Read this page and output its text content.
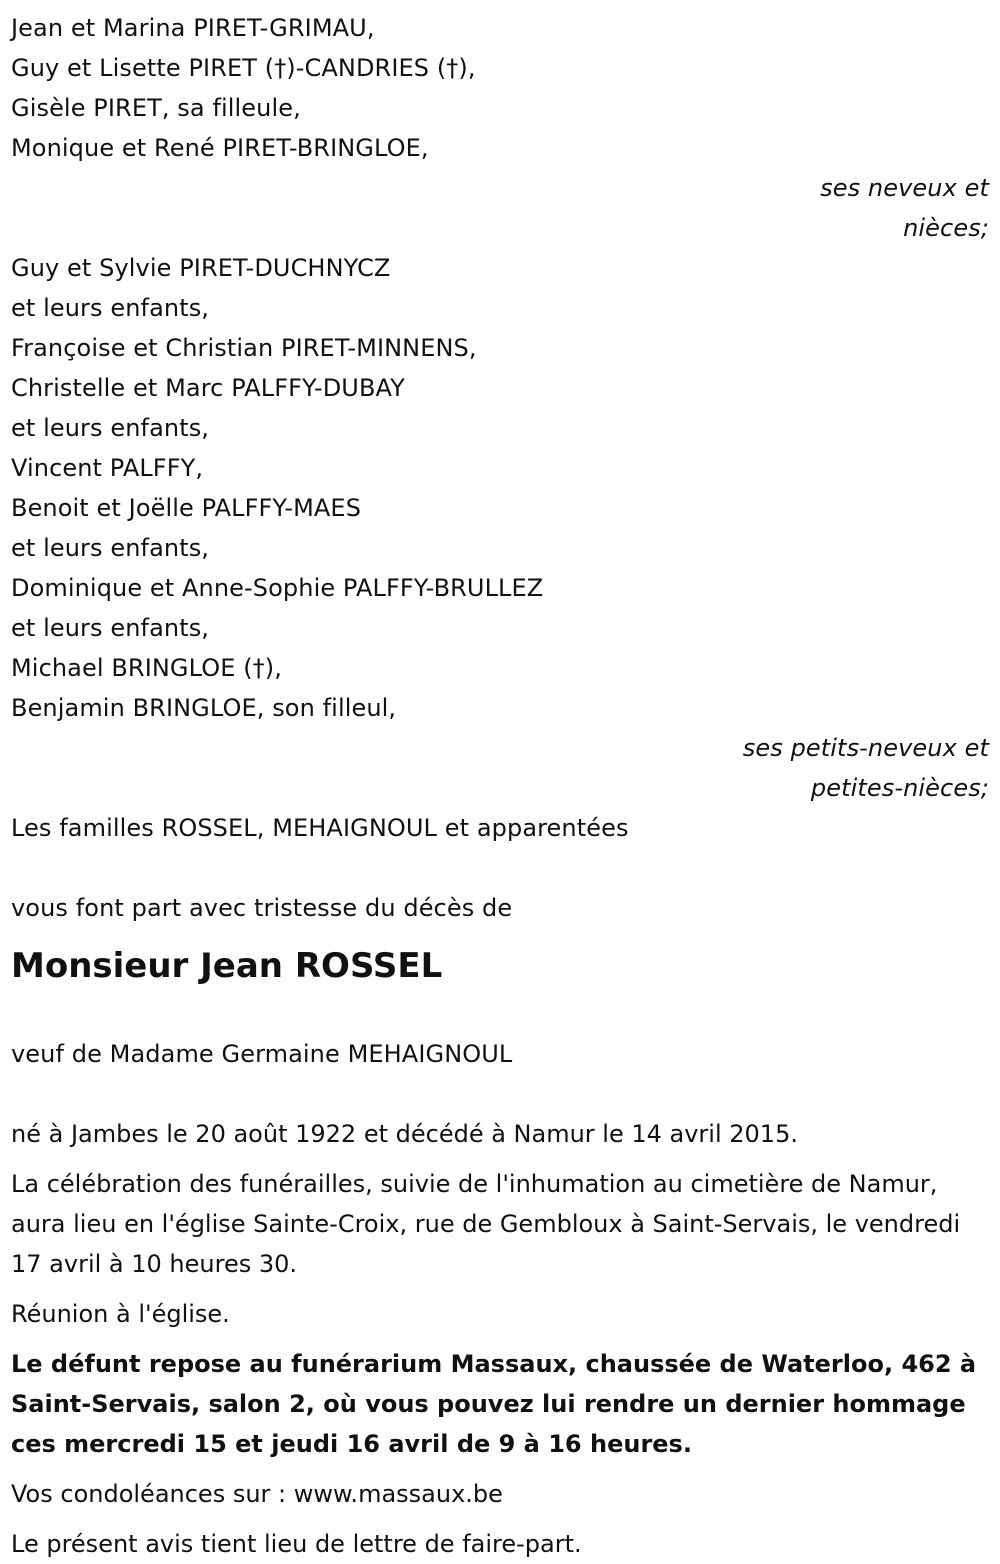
Jean et Marina PIRET-GRIMAU,
Guy et Lisette PIRET (†)-CANDRIES (†),
Gisèle PIRET, sa filleule,
Monique et René PIRET-BRINGLOE,
ses neveux et
nièces;
Guy et Sylvie PIRET-DUCHNYCZ
et leurs enfants,
Françoise et Christian PIRET-MINNENS,
Christelle et Marc PALFFY-DUBAY
et leurs enfants,
Vincent PALFFY,
Benoit et Joëlle PALFFY-MAES
et leurs enfants,
Dominique et Anne-Sophie PALFFY-BRULLEZ
et leurs enfants,
Michael BRINGLOE (†),
Benjamin BRINGLOE, son filleul,
ses petits-neveux et
petites-nièces;
Les familles ROSSEL, MEHAIGNOUL et apparentées
vous font part avec tristesse du décès de
Monsieur Jean ROSSEL
veuf de Madame Germaine MEHAIGNOUL

né à Jambes le 20 août 1922 et décédé à Namur le 14 avril 2015.

La célébration des funérailles, suivie de l'inhumation au cimetière de Namur, aura lieu en l'église Sainte-Croix, rue de Gembloux à Saint-Servais, le vendredi 17 avril à 10 heures 30.

Réunion à l'église.

Le défunt repose au funérarium Massaux, chaussée de Waterloo, 462 à Saint-Servais, salon 2, où vous pouvez lui rendre un dernier hommage ces mercredi 15 et jeudi 16 avril de 9 à 16 heures.

Vos condoléances sur : www.massaux.be

Le présent avis tient lieu de lettre de faire-part.
